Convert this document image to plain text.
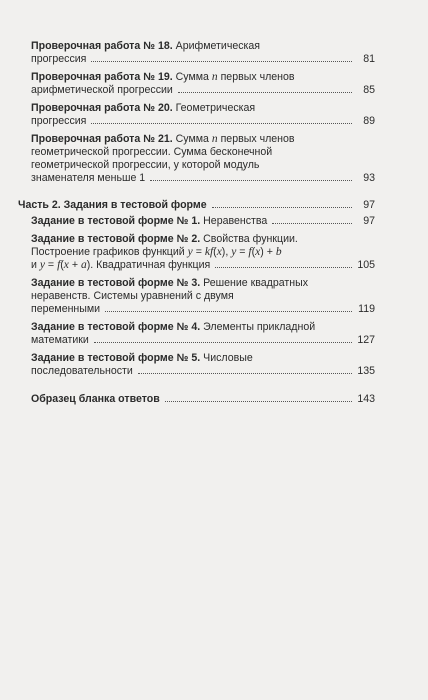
Проверочная работа № 18. Арифметическая
прогрессия	81
Проверочная работа № 19. Сумма n первых членов
арифметической прогрессии	85
Проверочная работа № 20. Геометрическая
прогрессия	89
Проверочная работа № 21. Сумма n первых членов
геометрической прогрессии. Сумма бесконечной
геометрической прогрессии, у которой модуль
знаменателя меньше 1	93
Часть 2. Задания в тестовой форме	97
Задание в тестовой форме № 1. Неравенства	97
Задание в тестовой форме № 2. Свойства функции.
Построение графиков функций y = kf(x), y = f(x) + b
и y = f(x + a). Квадратичная функция	105
Задание в тестовой форме № 3. Решение квадратных
неравенств. Системы уравнений с двумя
переменными	119
Задание в тестовой форме № 4. Элементы прикладной
математики	127
Задание в тестовой форме № 5. Числовые
последовательности	135
Образец бланка ответов	143
